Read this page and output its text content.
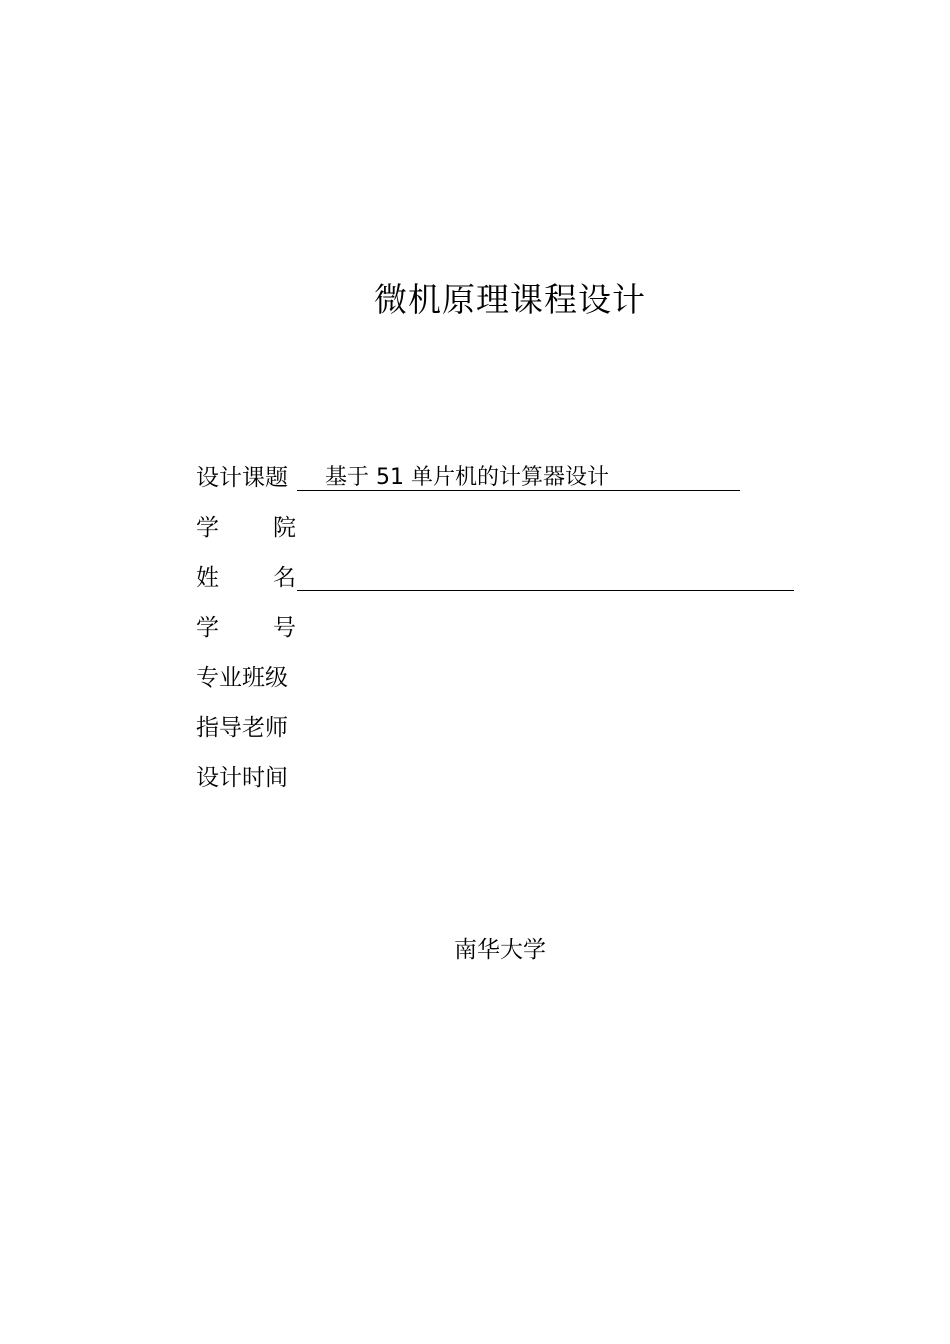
微机原理课程设计
设计课题	基于 51 单片机的计算器设计
学 院
姓 名
学 号
专业班级
指导老师
设计时间
南华大学
